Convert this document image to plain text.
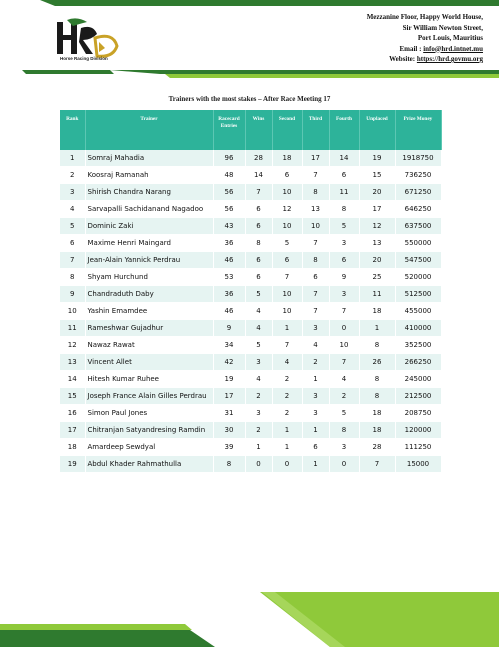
Horse Racing Division
Mezzanine Floor, Happy World House,
Sir William Newton Street,
Port Louis, Mauritius
Email : info@hrd.intnet.mu
Website: https://hrd.govmu.org
Trainers with the most stakes – After Race Meeting 17
Rank	Trainer	Racecard Entries	Wins	Second	Third	Fourth	Unplaced	Prize Money
1	Somraj Mahadia	96	28	18	17	14	19	1918750
2	Koosraj Ramanah	48	14	6	7	6	15	736250
3	Shirish Chandra Narang	56	7	10	8	11	20	671250
4	Sarvapalli Sachidanand Nagadoo	56	6	12	13	8	17	646250
5	Dominic Zaki	43	6	10	10	5	12	637500
6	Maxime Henri Maingard	36	8	5	7	3	13	550000
7	Jean-Alain Yannick Perdrau	46	6	6	8	6	20	547500
8	Shyam Hurchund	53	6	7	6	9	25	520000
9	Chandraduth Daby	36	5	10	7	3	11	512500
10	Yashin Emamdee	46	4	10	7	7	18	455000
11	Rameshwar Gujadhur	9	4	1	3	0	1	410000
12	Nawaz Rawat	34	5	7	4	10	8	352500
13	Vincent Allet	42	3	4	2	7	26	266250
14	Hitesh Kumar Ruhee	19	4	2	1	4	8	245000
15	Joseph France Alain Gilles Perdrau	17	2	2	3	2	8	212500
16	Simon Paul Jones	31	3	2	3	5	18	208750
17	Chitranjan Satyandresing Ramdin	30	2	1	1	8	18	120000
18	Amardeep Sewdyal	39	1	1	6	3	28	111250
19	Abdul Khader Rahmathulla	8	0	0	1	0	7	15000
